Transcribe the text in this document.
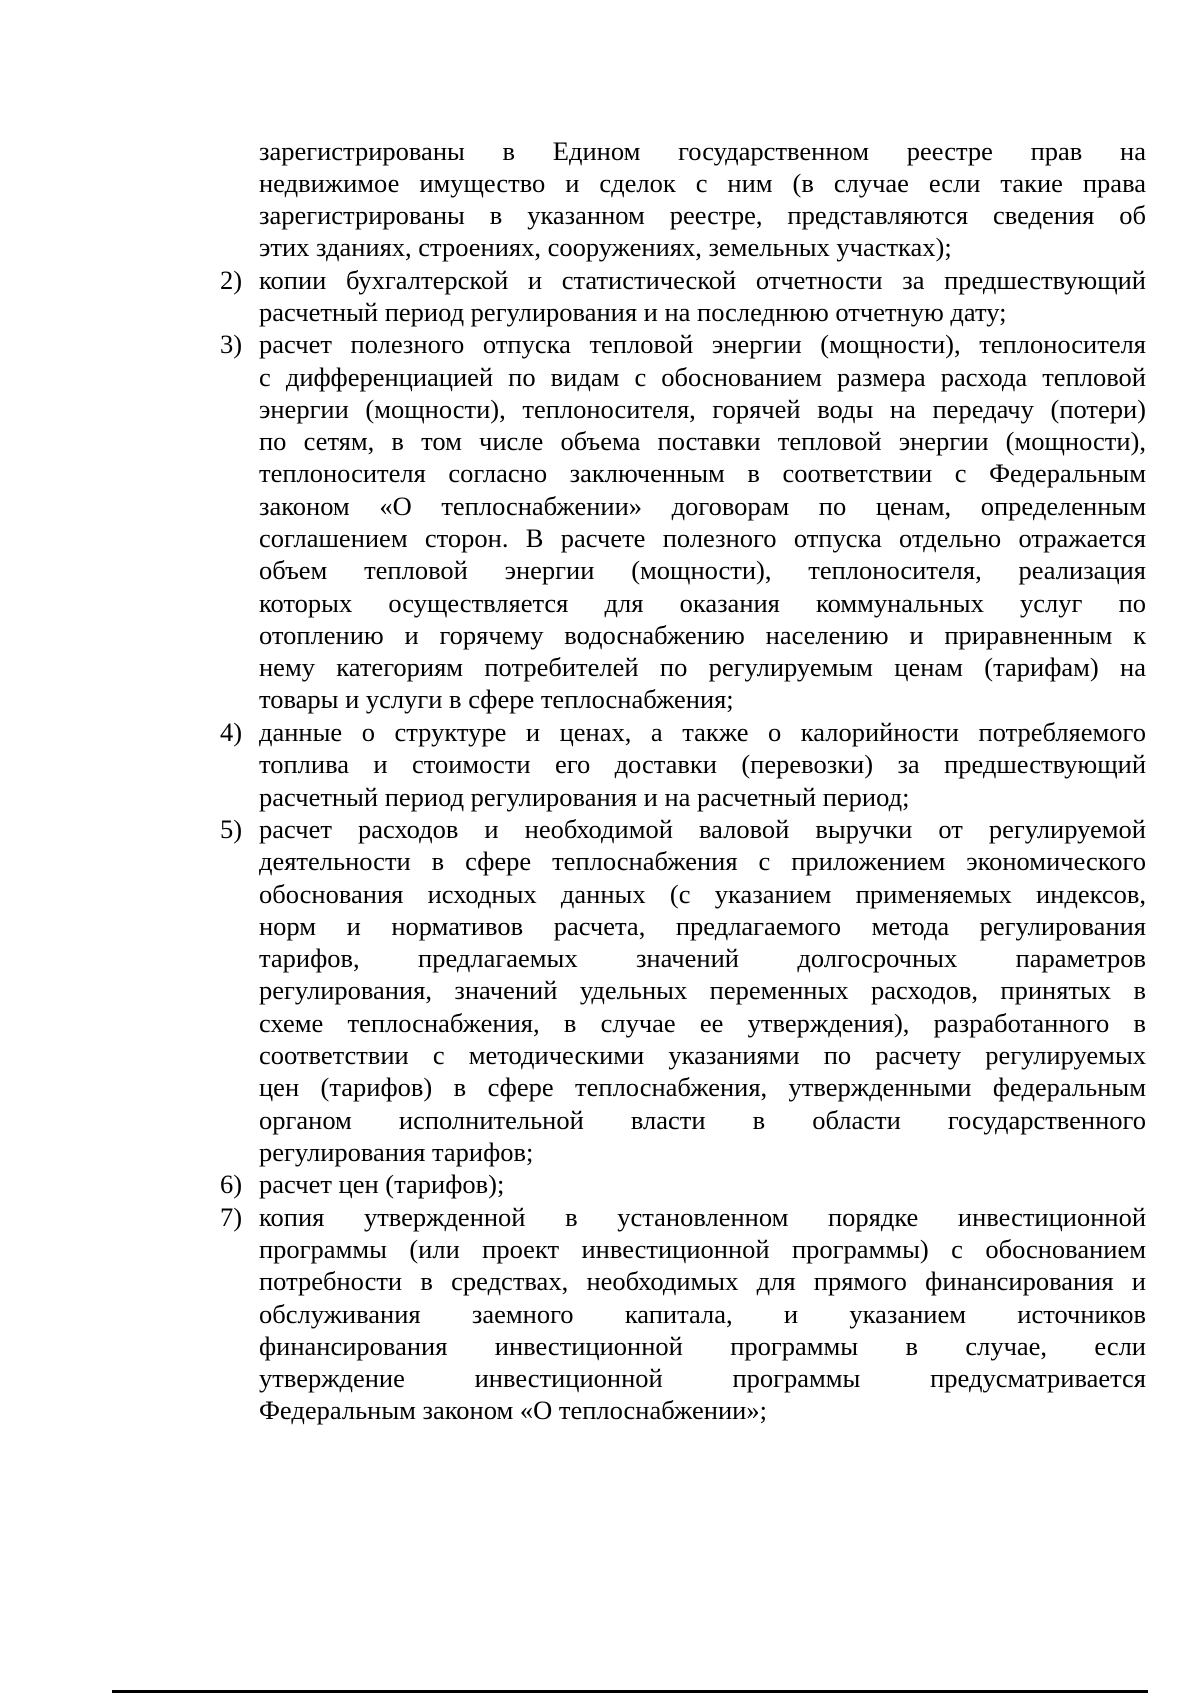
зарегистрированы в Едином государственном реестре прав на
недвижимое имущество и сделок с ним (в случае если такие права
зарегистрированы в указанном реестре, представляются сведения об
этих зданиях, строениях, сооружениях, земельных участках);
2) копии бухгалтерской и статистической отчетности за предшествующий
расчетный период регулирования и на последнюю отчетную дату;
3) расчет полезного отпуска тепловой энергии (мощности), теплоносителя
с дифференциацией по видам с обоснованием размера расхода тепловой
энергии (мощности), теплоносителя, горячей воды на передачу (потери)
по сетям, в том числе объема поставки тепловой энергии (мощности),
теплоносителя согласно заключенным в соответствии с Федеральным
законом «О теплоснабжении» договорам по ценам, определенным
соглашением сторон. В расчете полезного отпуска отдельно отражается
объем тепловой энергии (мощности), теплоносителя, реализация
которых осуществляется для оказания коммунальных услуг по
отоплению и горячему водоснабжению населению и приравненным к
нему категориям потребителей по регулируемым ценам (тарифам) на
товары и услуги в сфере теплоснабжения;
4) данные о структуре и ценах, а также о калорийности потребляемого
топлива и стоимости его доставки (перевозки) за предшествующий
расчетный период регулирования и на расчетный период;
5) расчет расходов и необходимой валовой выручки от регулируемой
деятельности в сфере теплоснабжения с приложением экономического
обоснования исходных данных (с указанием применяемых индексов,
норм и нормативов расчета, предлагаемого метода регулирования
тарифов, предлагаемых значений долгосрочных параметров
регулирования, значений удельных переменных расходов, принятых в
схеме теплоснабжения, в случае ее утверждения), разработанного в
соответствии с методическими указаниями по расчету регулируемых
цен (тарифов) в сфере теплоснабжения, утвержденными федеральным
органом исполнительной власти в области государственного
регулирования тарифов;
6) расчет цен (тарифов);
7) копия утвержденной в установленном порядке инвестиционной
программы (или проект инвестиционной программы) с обоснованием
потребности в средствах, необходимых для прямого финансирования и
обслуживания заемного капитала, и указанием источников
финансирования инвестиционной программы в случае, если
утверждение инвестиционной программы предусматривается
Федеральным законом «О теплоснабжении»;
